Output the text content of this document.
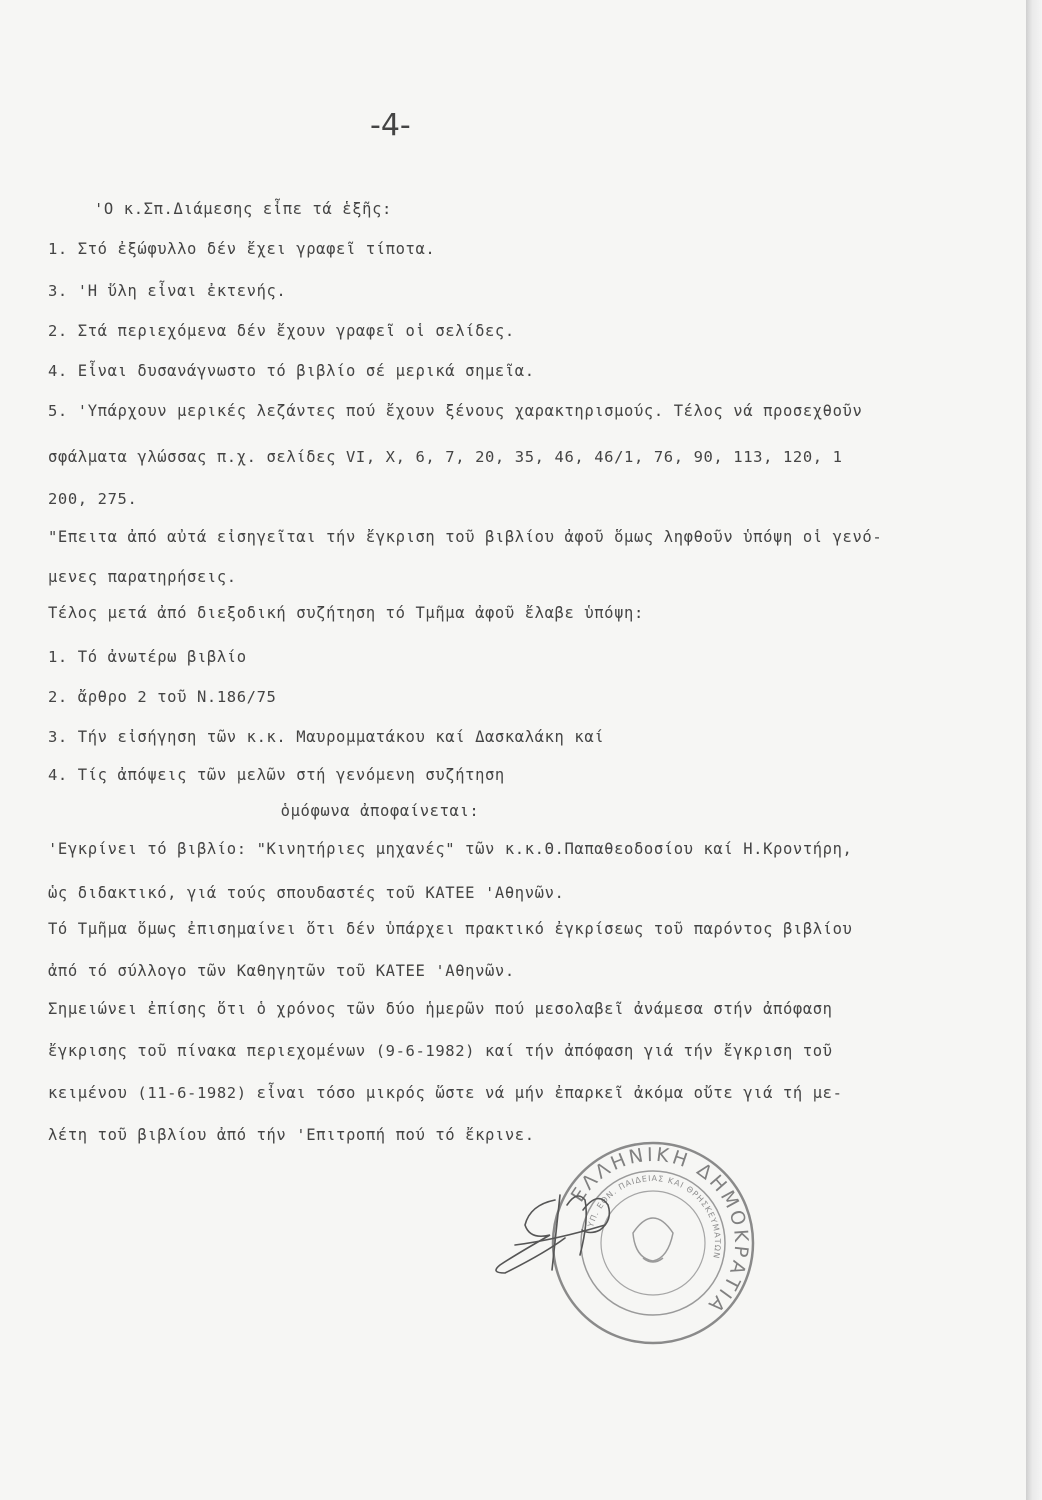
-4-
'Ο κ.Σπ.Διάμεσης εἶπε τά ἑξῆς:
1. Στό ἐξώφυλλο δέν ἔχει γραφεῖ τίποτα.
3. 'Η ὕλη εἶναι ἐκτενής.
2. Στά περιεχόμενα δέν ἔχουν γραφεῖ οἱ σελίδες.
4. Εἶναι δυσανάγνωστο τό βιβλίο σέ μερικά σημεῖα.
5. 'Υπάρχουν μερικές λεζάντες πού ἔχουν ξένους χαρακτηρισμούς. Τέλος νά προσεχθοῦν
σφάλματα γλώσσας π.χ. σελίδες VI, X, 6, 7, 20, 35, 46, 46/1, 76, 90, 113, 120, 1
200, 275.
"Επειτα ἀπό αὐτά εἰσηγεῖται τήν ἔγκριση τοῦ βιβλίου ἀφοῦ ὅμως ληφθοῦν ὑπόψη οἱ γενό-
μενες παρατηρήσεις.
Τέλος μετά ἀπό διεξοδική συζήτηση τό Τμῆμα ἀφοῦ ἔλαβε ὑπόψη:
1. Τό ἀνωτέρω βιβλίο
2. ἄρθρο 2 τοῦ Ν.186/75
3. Τήν εἰσήγηση τῶν κ.κ. Μαυρομματάκου καί Δασκαλάκη καί
4. Τίς ἀπόψεις τῶν μελῶν στή γενόμενη συζήτηση
ὁμόφωνα ἀποφαίνεται:
'Εγκρίνει τό βιβλίο: "Κινητήριες μηχανές" τῶν κ.κ.Θ.Παπαθεοδοσίου καί Η.Κροντήρη,
ὡς διδακτικό, γιά τούς σπουδαστές τοῦ ΚΑΤΕΕ 'Αθηνῶν.
Τό Τμῆμα ὅμως ἐπισημαίνει ὅτι δέν ὑπάρχει πρακτικό ἐγκρίσεως τοῦ παρόντος βιβλίου
ἀπό τό σύλλογο τῶν Καθηγητῶν τοῦ ΚΑΤΕΕ 'Αθηνῶν.
Σημειώνει ἐπίσης ὅτι ὁ χρόνος τῶν δύο ἡμερῶν πού μεσολαβεῖ ἀνάμεσα στήν ἀπόφαση
ἔγκρισης τοῦ πίνακα περιεχομένων (9-6-1982) καί τήν ἀπόφαση γιά τήν ἔγκριση τοῦ
κειμένου (11-6-1982) εἶναι τόσο μικρός ὥστε νά μήν ἐπαρκεῖ ἀκόμα οὔτε γιά τή με-
λέτη τοῦ βιβλίου ἀπό τήν 'Επιτροπή πού τό ἔκρινε.
ΕΛΛΗΝΙΚΗ ΔΗΜΟΚΡΑΤΙΑ
ΥΠ. ΕΘΝ. ΠΑΙΔΕΙΑΣ ΚΑΙ ΘΡΗΣΚΕΥΜΑΤΩΝ
